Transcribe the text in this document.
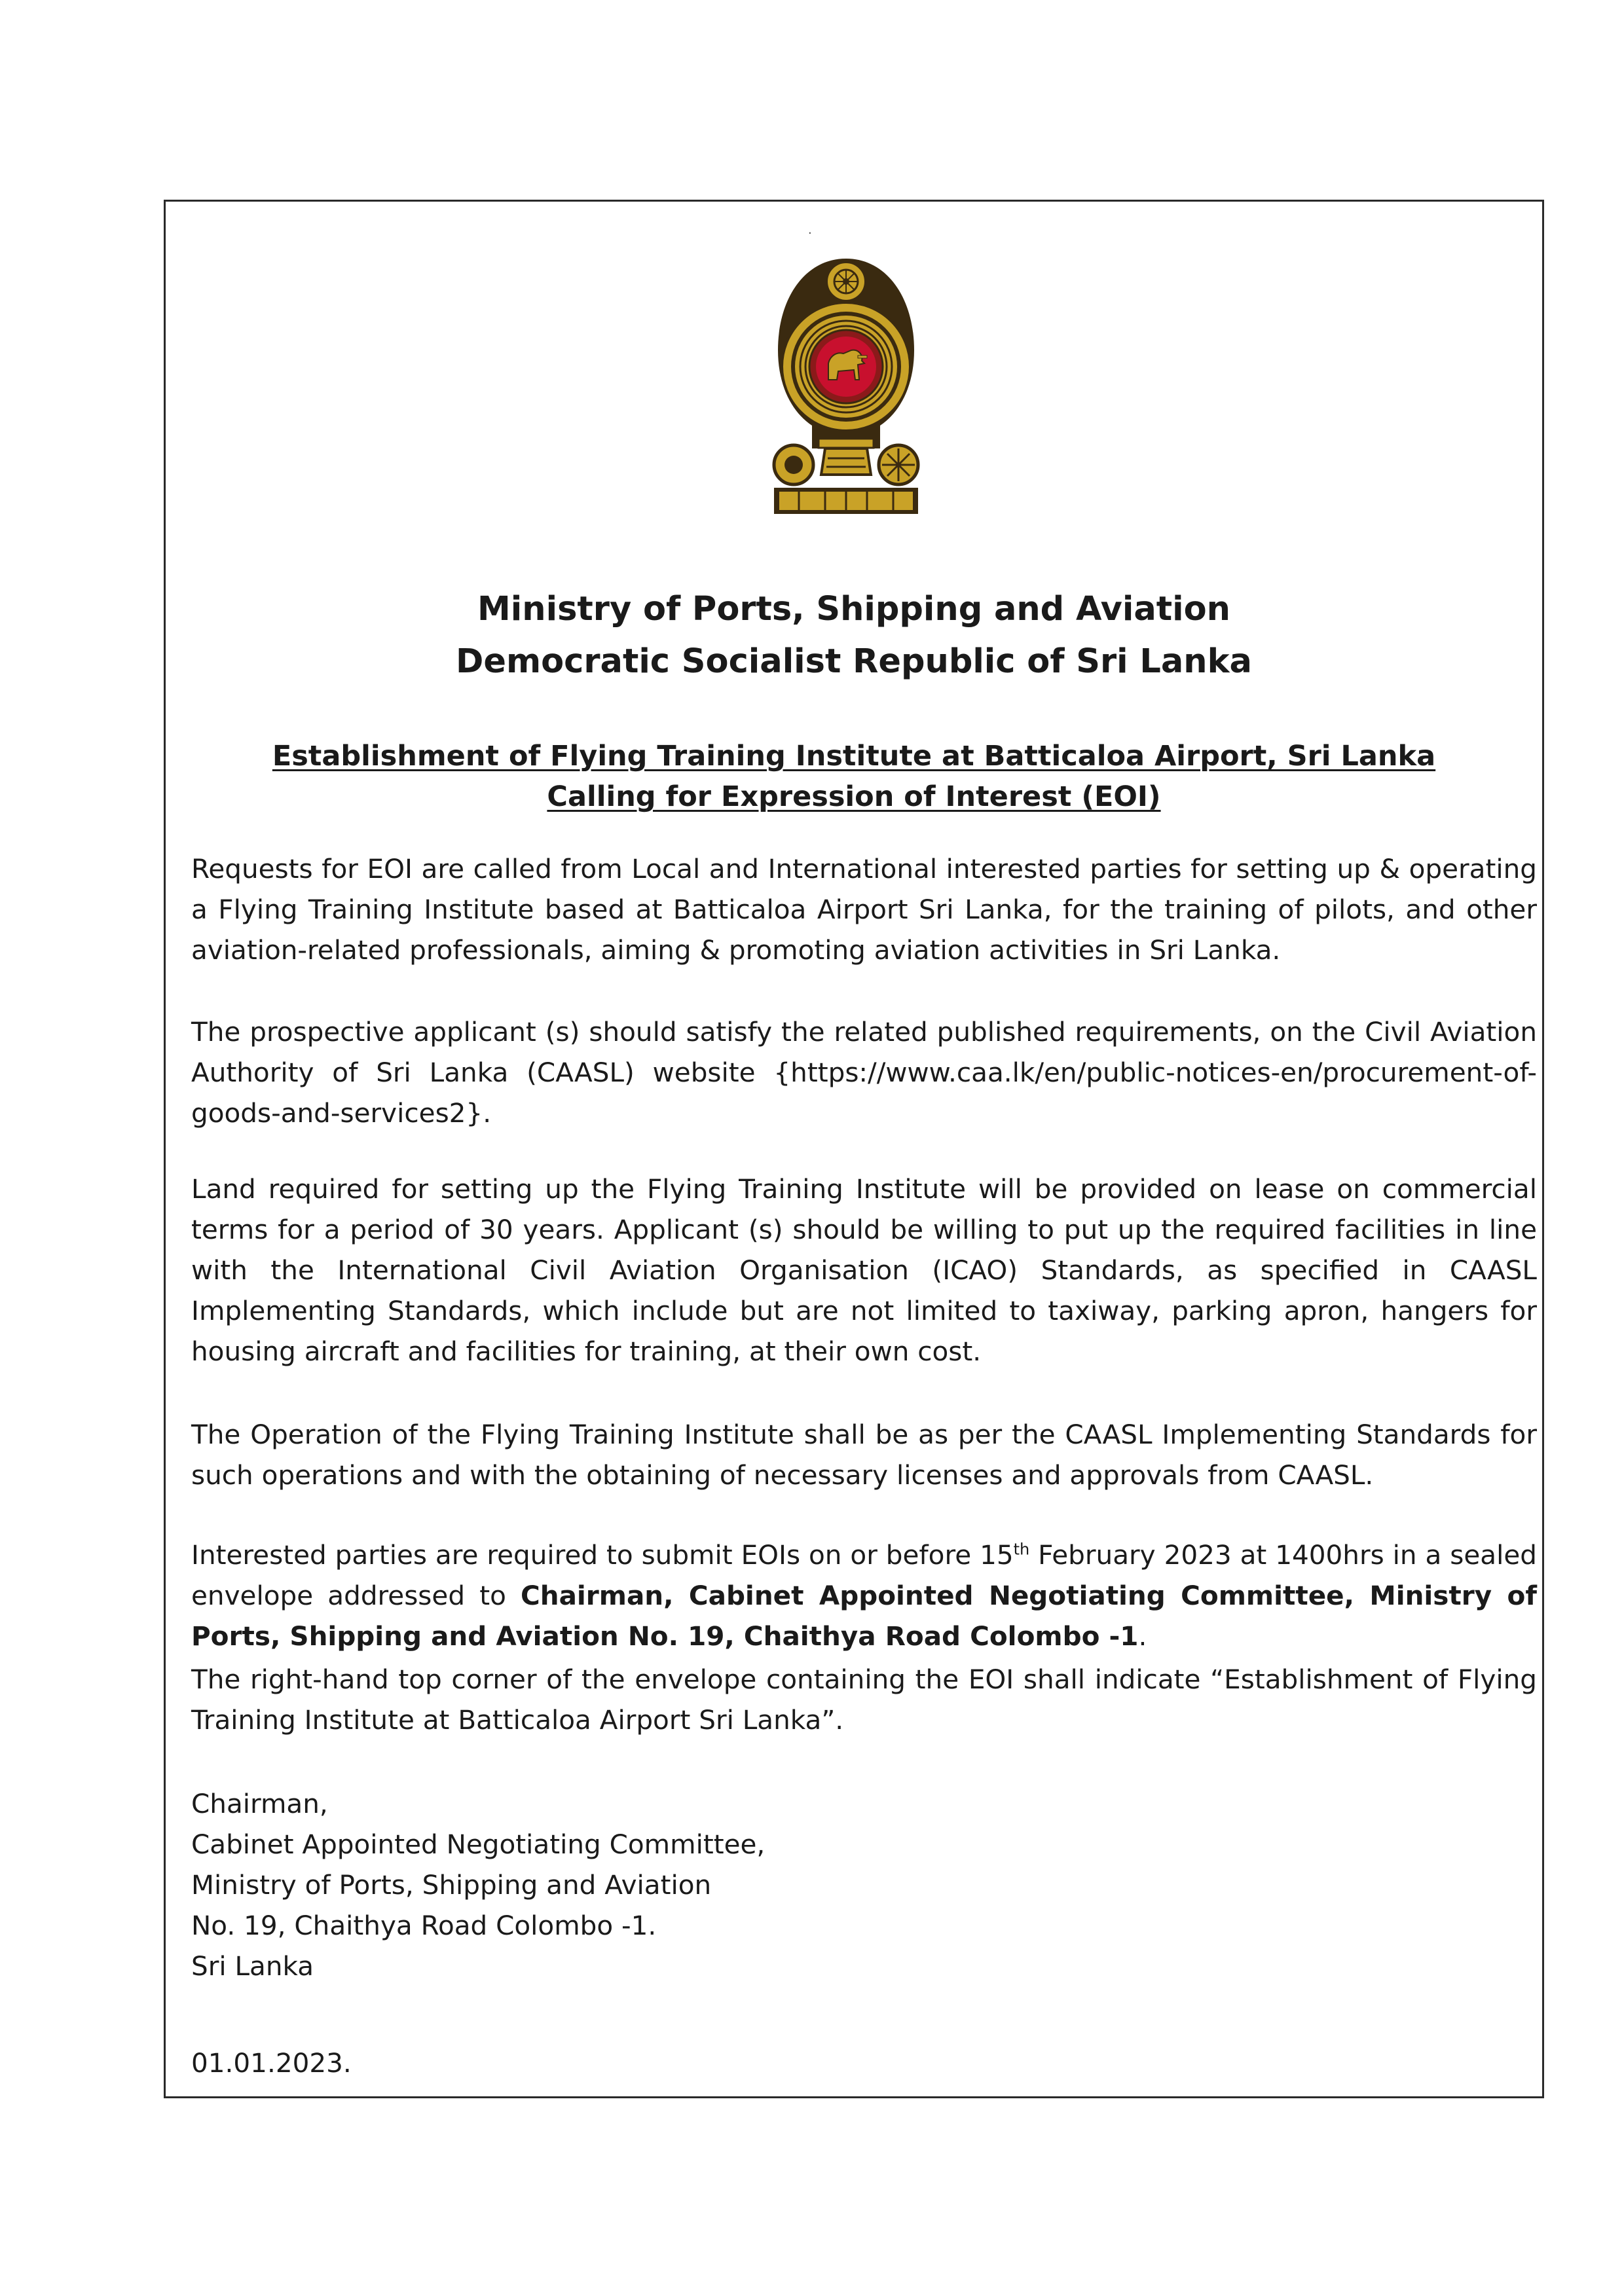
·
Ministry of Ports, Shipping and Aviation
Democratic Socialist Republic of Sri Lanka
Establishment of Flying Training Institute at Batticaloa Airport, Sri Lanka
Calling for Expression of Interest (EOI)
Requests for EOI are called from Local and International interested parties for setting up & operating a Flying Training Institute based at Batticaloa Airport Sri Lanka, for the training of pilots, and other aviation-related professionals, aiming & promoting aviation activities in Sri Lanka.
The prospective applicant (s) should satisfy the related published requirements, on the Civil Aviation Authority of Sri Lanka (CAASL) website {https://www.caa.lk/en/public-notices-en/procurement-of-goods-and-services2}.
Land required for setting up the Flying Training Institute will be provided on lease on commercial terms for a period of 30 years. Applicant (s) should be willing to put up the required facilities in line with the International Civil Aviation Organisation (ICAO) Standards, as specified in CAASL Implementing Standards, which include but are not limited to taxiway, parking apron, hangers for housing aircraft and facilities for training, at their own cost.
The Operation of the Flying Training Institute shall be as per the CAASL Implementing Standards for such operations and with the obtaining of necessary licenses and approvals from CAASL.
Interested parties are required to submit EOIs on or before 15th February 2023 at 1400hrs in a sealed envelope addressed to Chairman, Cabinet Appointed Negotiating Committee, Ministry of Ports, Shipping and Aviation No. 19, Chaithya Road Colombo -1.
The right-hand top corner of the envelope containing the EOI shall indicate “Establishment of Flying Training Institute at Batticaloa Airport Sri Lanka”.
Chairman,
Cabinet Appointed Negotiating Committee,
Ministry of Ports, Shipping and Aviation
No. 19, Chaithya Road Colombo -1.
Sri Lanka
01.01.2023.
